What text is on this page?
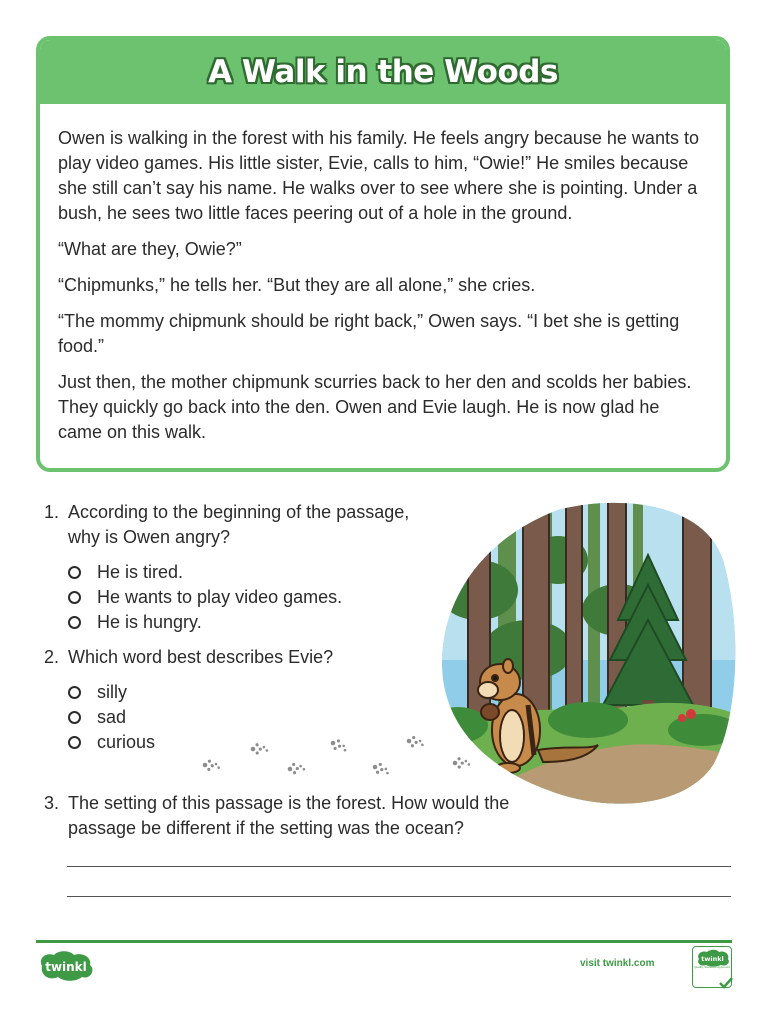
A Walk in the Woods

Owen is walking in the forest with his family. He feels angry because he wants to play video games. His little sister, Evie, calls to him, “Owie!” He smiles because she still can’t say his name. He walks over to see where she is pointing. Under a bush, he sees two little faces peering out of a hole in the ground.

“What are they, Owie?”

“Chipmunks,” he tells her. “But they are all alone,” she cries.

“The mommy chipmunk should be right back,” Owen says. “I bet she is getting food.”

Just then, the mother chipmunk scurries back to her den and scolds her babies. They quickly go back into the den. Owen and Evie laugh. He is now glad he came on this walk.

1. According to the beginning of the passage, why is Owen angry?
He is tired.
He wants to play video games.
He is hungry.
2. Which word best describes Evie?
silly
sad
curious
3. The setting of this passage is the forest. How would the passage be different if the setting was the ocean?
twinkl	visit twinkl.com	twinkl
Quality Standard Approved
